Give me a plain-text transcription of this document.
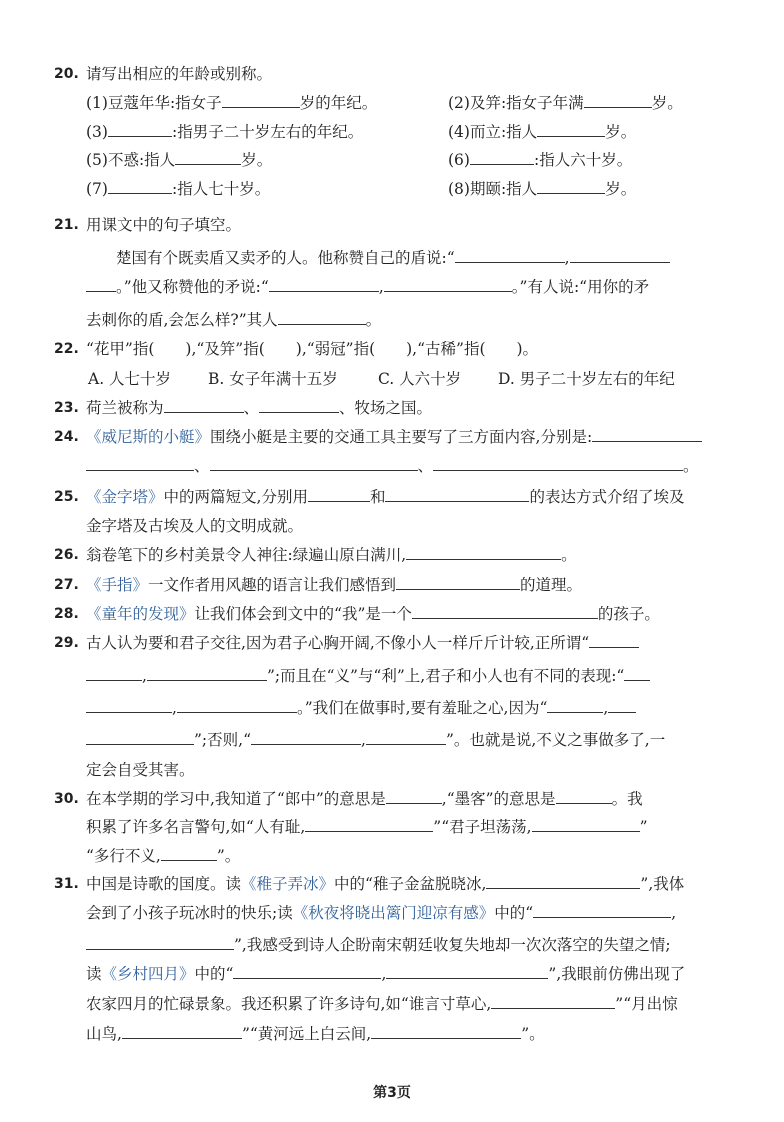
20. 请写出相应的年龄或别称。
(1)豆蔻年华:指女子	岁的年纪。	(2)及笄:指女子年满	岁。
(3)	:指男子二十岁左右的年纪。	(4)而立:指人	岁。
(5)不惑:指人	岁。	(6)	:指人六十岁。
(7)	:指人七十岁。	(8)期颐:指人	岁。
21. 用课文中的句子填空。
楚国有个既卖盾又卖矛的人。他称赞自己的盾说:“	,
。”他又称赞他的矛说:“	,	。”有人说:“用你的矛
去刺你的盾,会怎么样?”其人	。
22. “花甲”指(　　),“及笄”指(　　),“弱冠”指(　　),“古稀”指(　　)。
A. 人七十岁 B. 女子年满十五岁	C. 人六十岁 D. 男子二十岁左右的年纪
23. 荷兰被称为	、	、牧场之国。
24. 《威尼斯的小艇》围绕小艇是主要的交通工具主要写了三方面内容,分别是:
、	、	。
25. 《金字塔》中的两篇短文,分别用	和	的表达方式介绍了埃及
金字塔及古埃及人的文明成就。
26. 翁卷笔下的乡村美景令人神往:绿遍山原白满川,	。
27. 《手指》一文作者用风趣的语言让我们感悟到	的道理。
28. 《童年的发现》让我们体会到文中的“我”是一个	的孩子。
29. 古人认为要和君子交往,因为君子心胸开阔,不像小人一样斤斤计较,正所谓“
,	”;而且在“义”与“利”上,君子和小人也有不同的表现:“
,	。”我们在做事时,要有羞耻之心,因为“	,
”;否则,“	,	”。也就是说,不义之事做多了,一
定会自受其害。
30. 在本学期的学习中,我知道了“郎中”的意思是	,“墨客”的意思是	。我
积累了许多名言警句,如“人有耻,	”“君子坦荡荡,	”
“多行不义,	”。
31. 中国是诗歌的国度。读《稚子弄冰》中的“稚子金盆脱晓冰,	”,我体
会到了小孩子玩冰时的快乐;读《秋夜将晓出篱门迎凉有感》中的“	,
”,我感受到诗人企盼南宋朝廷收复失地却一次次落空的失望之情;
读《乡村四月》中的“	,	”,我眼前仿佛出现了
农家四月的忙碌景象。我还积累了许多诗句,如“谁言寸草心,	”“月出惊
山鸟,	”“黄河远上白云间,	”。
第3页
